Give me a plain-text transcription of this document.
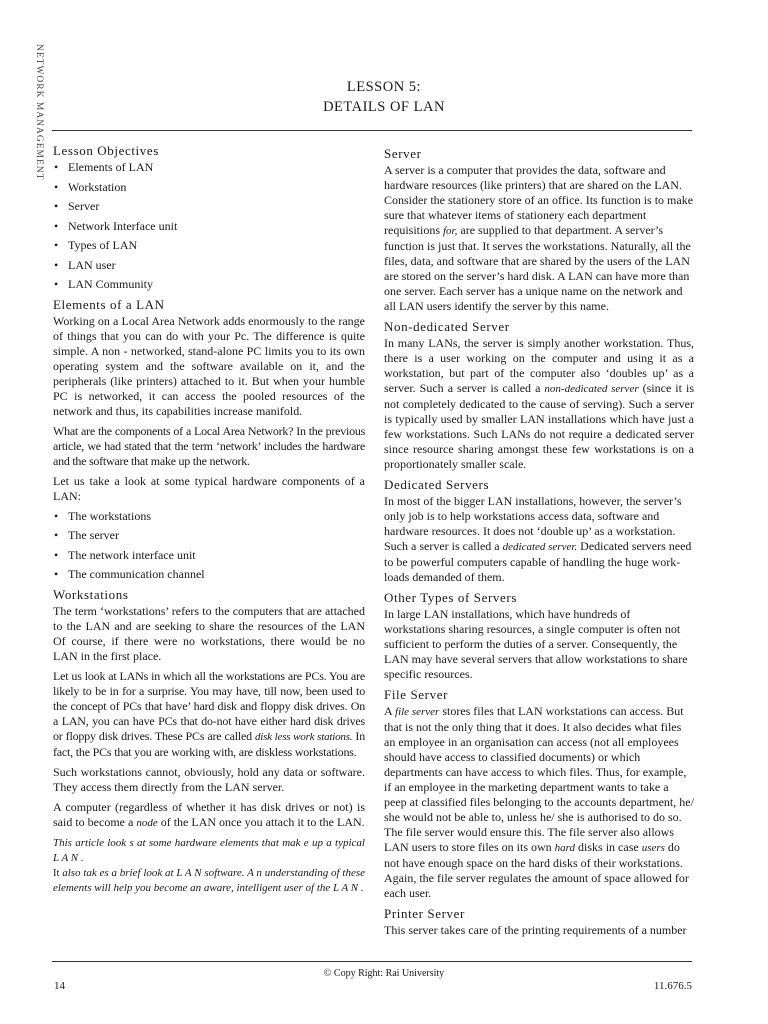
NETWORK MANAGEMENT	LESSON 5:
DETAILS OF LAN
Lesson Objectives
• Elements of LAN
• Workstation
• Server
• Network Interface unit
• Types of LAN
• LAN user
• LAN Community
Elements of a LAN

Working on a Local Area Network adds enormously to the range of things that you can do with your Pc. The difference is quite simple. A non - networked, stand-alone PC limits you to its own operating system and the software available on it, and the peripherals (like printers) attached to it. But when your humble PC is networked, it can access the pooled resources of the network and thus, its capabilities increase manifold.

What are the components of a Local Area Network? In the previous article, we had stated that the term ‘network’ includes the hardware and the software that make up the network.

Let us take a look at some typical hardware components of a LAN:

• The workstations
• The server
• The network interface unit
• The communication channel
Workstations

The term ‘workstations’ refers to the computers that are attached to the LAN and are seeking to share the resources of the LAN Of course, if there were no workstations, there would be no LAN in the first place.

Let us look at LANs in which all the workstations are PCs. You are likely to be in for a surprise. You may have, till now, been used to the concept of PCs that have’ hard disk and floppy disk drives. On a LAN, you can have PCs that do-not have either hard disk drives or floppy disk drives. These PCs are called disk less work stations. In fact, the PCs that you are working with, are diskless workstations.

Such workstations cannot, obviously, hold any data or software. They access them directly from the LAN server.

A computer (regardless of whether it has disk drives or not) is said to become a node of the LAN once you attach it to the LAN.

This article look s at some hardware elements that mak e up a typical L A N .

It also tak es a brief look at L A N software. A n understanding of these elements will help you become an aware, intelligent user of the L A N .

Server

A server is a computer that provides the data, software and hardware resources (like printers) that are shared on the LAN. Consider the stationery store of an office. Its function is to make sure that whatever items of stationery each department requisitions for, are supplied to that department. A server’s function is just that. It serves the workstations. Naturally, all the files, data, and software that are shared by the users of the LAN are stored on the server’s hard disk. A LAN can have more than one server. Each server has a unique name on the network and all LAN users identify the server by this name.

Non-dedicated Server

In many LANs, the server is simply another workstation. Thus, there is a user working on the computer and using it as a workstation, but part of the computer also ‘doubles up’ as a server. Such a server is called a non-dedicated server (since it is not completely dedicated to the cause of serving). Such a server is typically used by smaller LAN installations which have just a few workstations. Such LANs do not require a dedicated server since resource sharing amongst these few workstations is on a proportionately smaller scale.

Dedicated Servers

In most of the bigger LAN installations, however, the server’s only job is to help workstations access data, software and hardware resources. It does not ‘double up’ as a workstation. Such a server is called a dedicated server. Dedicated servers need to be powerful computers capable of handling the huge work-loads demanded of them.

Other Types of Servers

In large LAN installations, which have hundreds of workstations sharing resources, a single computer is often not sufficient to perform the duties of a server. Consequently, the LAN may have several servers that allow workstations to share specific resources.

File Server

A file server stores files that LAN workstations can access. But that is not the only thing that it does. It also decides what files an employee in an organisation can access (not all employees should have access to classified documents) or which departments can have access to which files. Thus, for example, if an employee in the marketing department wants to take a peep at classified files belonging to the accounts department, he/ she would not be able to, unless he/ she is authorised to do so. The file server would ensure this. The file server also allows LAN users to store files on its own hard disks in case users do not have enough space on the hard disks of their workstations. Again, the file server regulates the amount of space allowed for each user.

Printer Server

This server takes care of the printing requirements of a number

© Copy Right: Rai University
14	11.676.5
